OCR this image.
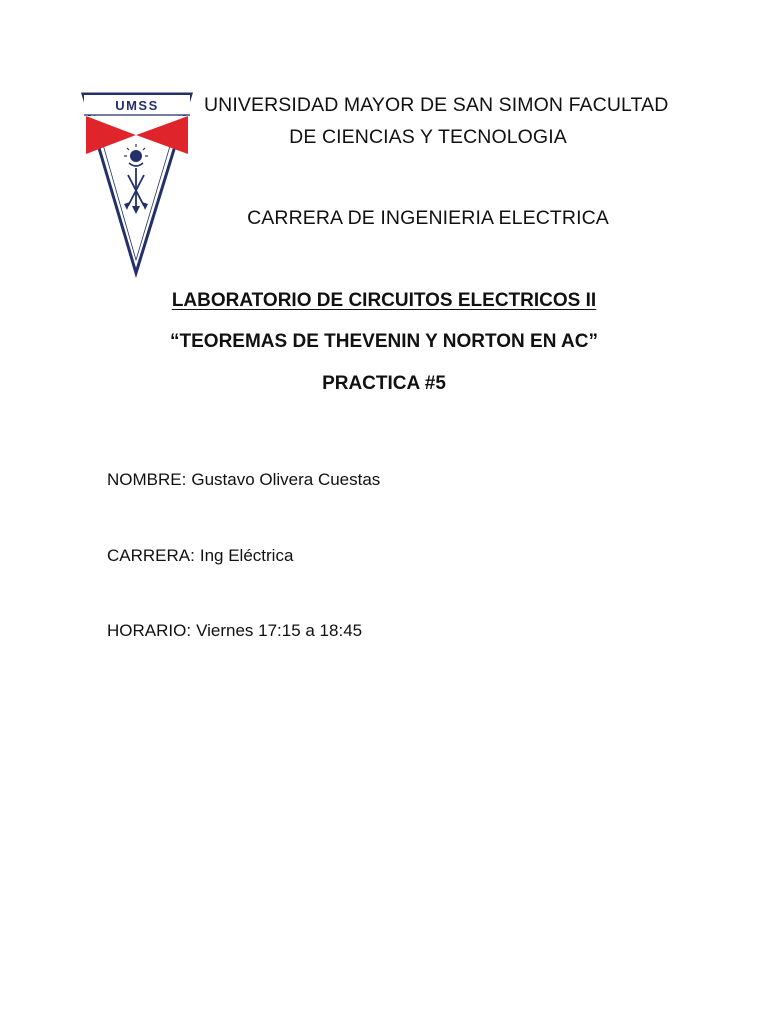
UMSS UNIVERSIDAD MAYOR DE SAN SIMON FACULTAD
DE CIENCIAS Y TECNOLOGIA
CARRERA DE INGENIERIA ELECTRICA
LABORATORIO DE CIRCUITOS ELECTRICOS II
“TEOREMAS DE THEVENIN Y NORTON EN AC”
PRACTICA #5
NOMBRE: Gustavo Olivera Cuestas
CARRERA: Ing Eléctrica
HORARIO: Viernes 17:15 a 18:45
